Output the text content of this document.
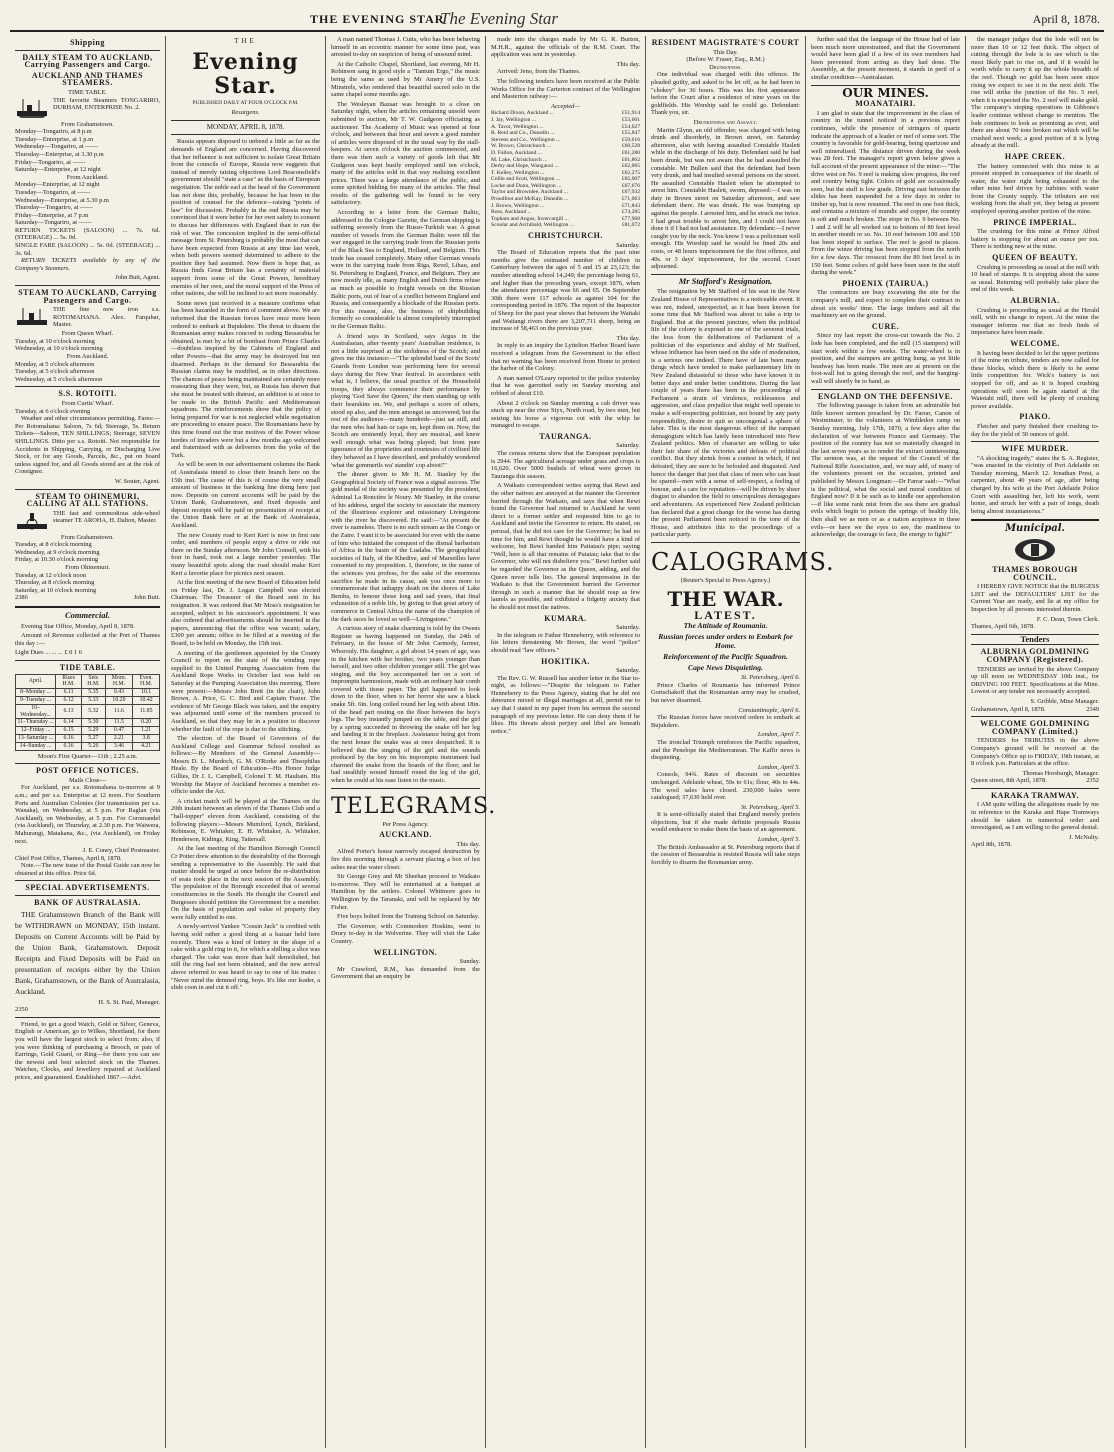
THE EVENING STAR
The Evening Star	April 8, 1878.
Shipping
DAILY STEAM TO AUCKLAND, Carrying Passengers and Cargo.
AUCKLAND AND THAMES STEAMERS.
TIME TABLE.
THE favorite Steamers TONGARIRO, DURHAM, ENTERPRISE No. 2.
From Grahamstown.
Monday—Tongariro, at 8 p.m
Tuesday—Enterprise, at 1 p.m
Wednesday—Tongariro, at ——
Thursday—Enterprise, at 3.30 p.m
Friday—Tongariro, at ——
Saturday—Enterprise, at 12 night
From Auckland.
Monday—Enterprise, at 12 night
Tuesday—Tongariro, at ——
Wednesday—Enterprise, at 5.30 p.m
Thursday—Tongariro, at ——
Friday—Enterprise, at 7 p.m
Saturday—Tongariro, at ——
RETURN TICKETS (SALOON) ... 7s. 6d. (STEERAGE) ... 5s. 0d.
SINGLE FARE (SALOON) ... 5s. 0d. (STEERAGE) ... 3s. 6d.
RETURN TICKETS available by any of the Company's Steamers.
John Butt, Agent.
STEAM TO AUCKLAND, Carrying Passengers and Cargo.
THE fine new iron s.s. ROTOMAHANA. Alex. Farquhar, Master.
From Queen Wharf.
Tuesday, at 10 o'clock morning
Wednesday, at 10 o'clock morning
From Auckland.
Monday, at 5 o'clock afternoon
Tuesday, at 5 o'clock afternoon
Wednesday, at 5 o'clock afternoon
S.S. ROTOITI.
From Curtis' Wharf.
Tuesday, at 6 o'clock evening
Weather and other circumstances permitting. Fares:—Per Rotomahana: Saloon, 7s 6d; Steerage, 5s. Return Tickets—Saloon, TEN SHILLINGS; Steerage, SEVEN SHILLINGS. Ditto per s.s. Rotoiti. Not responsible for Accidents in Shipping, Carrying, or Discharging Live Stock, or for any Goods, Parcels, &c., put on board unless signed for, and all Goods stored are at the risk of Consignee.
W. Souter, Agent.
STEAM TO OHINEMURI, CALLING AT ALL STATIONS.
THE fast and commodious side-wheel steamer TE AROHA, H. Dalton, Master.
From Grahamstown.
Tuesday, at 8 o'clock morning
Wednesday, at 9 o'clock morning
Friday, at 10.30 o'clock morning
From Ohinemuri.
Tuesday, at 12 o'clock noon
Thursday, at 8 o'clock morning
Saturday, at 10 o'clock morning
2386	John Butt.
Commercial.
Evening Star Office, Monday, April 8, 1878.
Amount of Revenue collected at the Port of Thames this day :—
Light Dues ... ... ... £ 0 1 6
TIDE TABLE.
April.	Rises H.M.	Sets H.M.	Morn. H.M.	Even. H.M.
8–Monday ...	6.11	5.35	9.43	10.1
9–Tuesday ...	6.12	5.33	10.20	10.42
10–Wednesday...	6.13	5.32	11.6	11.85
11–Thursday ...	6.14	5.30	11.5	0.20
12–Friday ...	6.15	5.29	0.47	1.21
13–Saturday ...	6.16	5.27	2.21	3.8
14–Sunday ...	6.16	5.26	3.46	4.21
Moon's First Quarter—11th ; 2.25 a.m.
POST OFFICE NOTICES.
Mails Close—
For Auckland, per s.s. Rotomahana to-morrow at 9 a.m.; and per s.s. Enterprise at 12 noon. For Southern Ports and Australian Colonies (for transmission per s.s. Wanaka), on Wednesday, at 5 p.m. For Raglan (via Auckland), on Wednesday, at 5 p.m. For Coromandel (via Auckland), on Thursday, at 2.30 p.m. For Waiwera, Mahurangi, Matakana, &c., (via Auckland), on Friday next.
J. E. Coney, Chief Postmaster.
Chief Post Office, Thames, April 8, 1878.
Note.—The new issue of the Postal Guide can now be obtained at this office. Price 6d.
SPECIAL ADVERTISEMENTS.
BANK OF AUSTRALASIA.
THE Grahamstown Branch of the Bank will be WITHDRAWN on MONDAY, 15th instant. Deposits on Current Accounts will be Paid by the Union Bank, Grahamstown. Deposit Receipts and Fixed Deposits will be Paid on presentation of receipts either by the Union Bank, Grahamstown, or the Bank of Australasia, Auckland.
H. S. St. Paul, Manager.
2350
Friend, to get a good Watch, Gold or Silver, Geneva, English or American, go to Wilkes, Shortland, for there you will have the largest stock to select from; also, if you were thinking of purchasing a Brooch, or pair of Earrings, Gold Guard, or Ring—for there you can see the newest and best selected stock on the Thames. Watches, Clocks, and Jewellery repaired at Auckland prices, and guaranteed. Established 1867.—Advt.
THE
Evening Star.
PUBLISHED DAILY AT FOUR O'CLOCK P.M.
Resurgens.
MONDAY, APRIL 8, 1878.

Russia appears disposed to unbend a little as far as the demands of England are concerned. Having discovered that her influence is not sufficient to isolate Great Britain from the councils of Europe, Russia now suggests that instead of merely raising objections Lord Beaconsfield's government should "state a case" as the basis of European negotiation. The noble earl at the head of the Government has not done this, probably, because he has been in the position of counsel for the defence—raising "points of law" for discussion. Probably in the end Russia may be convinced that it were better for her own safety to consent to discuss her differences with England than to run the risk of war. The concession implied in the semi-official message from St. Petersburg is probably the most that can have been expected from Russia at any time last week, when both powers seemed determined to adhere to the position they had assumed. Now there is hope that, as Russia finds Great Britain has a certainty of material support from some of the Great Powers, hereditary enemies of her own, and the moral support of the Press of other nations, she will be inclined to act more reasonably.

Some news just received in a measure confirms what has been hazarded in the form of comment above. We are informed that the Russian forces have once more been ordered to embark at Bujukdere. The threat to disarm the Roumanian army makes concord to ceding Bessarabia be obtained, is met by a bit of bombast from Prince Charles—doubtless inspired by the Cabinets of England and other Powers—that the army may be destroyed but not disarmed. Perhaps in the demand for Bessarabia the Russian claims may be modified, as in other directions. The chances of peace being maintained are certainly more reassuring than they were, but, as Russia has shown that she must be treated with distrust, an addition is at once to be made to the British Pacific and Mediterranean squadrons. The reinforcements show that the policy of being prepared for war is not neglected while negotiation are proceeding to ensure peace. The Roumanians have by this time found out the true motives of the Power whose hordes of invaders were but a few months ago welcomed and fraternised with as deliverers from the yoke of the Turk.

As will be seen in our advertisement columns the Bank of Australasia intend to close their branch here on the 15th inst. The cause of this is of course the very small amount of business in the banking line doing here just now. Deposits on current accounts will be paid by the Union Bank, Grahamstown, and fixed deposits and deposit receipts will be paid on presentation of receipt at the Union Bank here or at the Bank of Australasia, Auckland.

The new County road to Keri Keri is now in first rate order, and numbers of people enjoy a drive or ride out there on the Sunday afternoon. Mr John Connell, with his four in hand, took out a large number yesterday. The many beautiful spots along the road should make Keri Keri a favorite place for picnics next season.

At the first meeting of the new Board of Education held on Friday last, Dr. J. Logan Campbell was elected Chairman. The Treasurer of the Board sent in his resignation. It was ordered that Mr Moss's resignation be accepted, subject to his successor's appointment. It was also ordered that advertisements should be inserted in the papers, announcing that the office was vacant; salary, £300 per annum; office to be filled at a meeting of the Board, to be held on Monday, the 15th inst.

A meeting of the gentlemen appointed by the County Council to report on the state of the winding rope supplied to the United Pumping Association from the Auckland Rope Works in October last was held on Saturday at the Pumping Association this morning. There were present:—Messrs John Brett (in the chair), John Brown, A. Price, G. C. Bird and Captain Frazer. The evidence of Mr George Black was taken, and the enquiry was adjourned until some of the members proceed to Auckland, so that they may be in a position to discover whether the fault of the rope is due to the stitching.

The election of the Board of Governors of the Auckland College and Grammar School resulted as follows:—By Members of the General Assembly—Messrs D. L. Murdoch, G. M. O'Rorke and Theophilus Heale. By the Board of Education—His Honor Judge Gillies, Dr J. L. Campbell, Colonel T. M. Haultain. His Worship the Mayor of Auckland becomes a member ex-officio under the Act.

A cricket match will be played at the Thames on the 20th instant between an eleven of the Thames Club and a "hall-topper" eleven from Auckland, consisting of the following players:—Messrs Mumford, Lynch, Birkland, Robinson, E. Whitaker, E. H. Whitaker, A. Whitaker, Henderson, Kidings, King, Tattersall.

At the last meeting of the Hamilton Borough Council Cr Potter drew attention to the desirability of the Borough sending a representative to the Assembly. He said that matter should be urged at once before the re-distribution of seats took place in the next session of the Assembly. The population of the Borough exceeded that of several constituencies in the South. He thought the Council and Burgesses should petition the Government for a member. On the basis of population and value of property they were fully entitled to one.

A newly-arrived Yankee "Cousin Jack" is credited with having sold rather a good thing at a bazaar held here recently. There was a kind of lottery in the shape of a cake with a gold ring in it, for which a shilling a slice was charged. The cake was more than half demolished, but still the ring had not been obtained, and the new arrival above referred to was heard to say to one of his mates : "Never mind the demned ring, boys. It's like our leader, a slide coon in and cut it off."

A man named Thomas J. Cutts, who has been behaving himself in an eccentric manner for some time past, was arrested to-day on suspicion of being of unsound mind.

At the Catholic Chapel, Shortland, last evening, Mr H. Robinson sang in good style a "Tantum Ergo," the music being the same as used by Mr Amery of the U.S. Minstrels, who rendered that beautiful sacred solo in the same chapel some months ago.

The Wesleyan Bazaar was brought to a close on Saturday night, when the articles remaining unsold were submitted to auction, Mr T. W. Gudgeon officiating as auctioneer. The Academy of Music was opened at four o'clock, and between that hour and seven a good number of articles were disposed of in the usual way by the stall-keepers. At seven o'clock the auction commenced, and there was then such a variety of goods left that Mr Gudgeon was kept busily employed until ten o'clock, many of the articles sold in that way realising excellent prices. There was a large attendance of the public, and some spirited bidding for many of the articles. The final results of the gathering will be found to be very satisfactory.

According to a letter from the German Baltic, addressed to the Cologne Gazette, the German shipping is suffering severely from the Russo-Turkish war. A great number of vessels from the German Baltic were till the war engaged in the carrying trade from the Russian ports of the Black Sea to England, Holland, and Belgium. This trade has ceased completely. Many other German vessels were in the carrying trade from Riga, Revel, Libau, and St. Petersburg to England, France, and Belgium. They are now mostly idle, as many English and Dutch firms refuse as much as possible to freight vessels on the Russian Baltic ports, out of fear of a conflict between England and Russia, and consequently a blockade of the Russian ports. For this reason, also, the business of shipbuilding formerly so considerable is almost completely interrupted in the German Baltic.

A friend says in Scotland, says Argus in the Australasian, after twenty years' Australian residence, is not a little surprised at the stolidness of the Scotch; and gives me this instance:—"The splendid band of the Scots' Guards from London was performing here for several days during the New Year festival. In accordance with what is, I believe, the usual practice of the Household troops, they always commence their performance by playing 'God Save the Queen,' the men standing up with their bearskins on. We, and perhaps a score of others, stood up also, and the men amongst us uncovered; but the rest of the audience—many hundreds—just sat still, and the men who had hats or caps on, kept them on. Now, the Scotch are eminently loyal, they are musical, and knew well enough what was being played; but from pure ignorance of the proprieties and courtesies of civilised life they behaved as I have described, and probably wondered 'what the gommerils wa' standin' cop aboot!'"

The dinner given to Mr H. M. Stanley by the Geographical Society of France was a signal success. The gold medal of the society was presented by the president, Admiral La Roncière le Noury. Mr Stanley, in the course of his address, urged the society to associate the memory of the illustrious explorer and missionary Livingstone with the river he discovered. He said:—"At present the river is nameless. There is no such stream as the Congo or the Zaire. I want it to be associated for ever with the name of him who initiated the conquest of the dismal barbarism of Africa in the basin of the Lualaba. The geographical societies of Italy, of the Khedive, and of Marseilles have consented to my proposition. I, therefore, in the name of the sciences you profess, for the sake of the enormous sacrifice he made in its cause, ask you once more to commemorate that unhappy death on the shores of Lake Bemba, to honour those long and sad years, that final exhaustion of a noble life, by giving to that great artery of commerce in Central Africa the name of the champion of the dark races he loved so well—Livingstone."

A curious story of snake charming is told by the Owens Register as having happened on Sunday, the 24th of February, in the house of Mr John Carmody, farmer, Whorouly. His daughter, a girl about 14 years of age, was in the kitchen with her brother, two years younger than herself, and two other children younger still. The girl was singing, and the boy accompanied her on a sort of impromptu harmonicon, made with an ordinary hair comb covered with tissue paper. The girl happened to look down to the floor, when to her horror she saw a black snake 5ft. 6in. long coiled round her leg with about 18in. of the head part resting on the floor between the boy's legs. The boy instantly jumped on the table, and the girl by a spring succeeded in throwing the snake off her leg and landing it in the fireplace. Assistance being got from the next house the snake was at once despatched. It is believed that the singing of the girl and the sounds produced by the boy on his impromptu instrument had charmed the snake from the boards of the floor, and he had stealthily wound himself round the leg of the girl, when he could at his ease listen to the music.

TELEGRAMS.
Per Press Agency.
AUCKLAND.
This day.

Alfred Porter's house narrowly escaped destruction by fire this morning through a servant placing a box of hot ashes near the water closet.

Sir George Grey and Mr Sheehan proceed to Waikato to-morrow. They will be entertained at a banquet at Hamilton by the settlers. Colonel Whitmore goes to Wellington by the Taranaki, and will be replaced by Mr Fisher.

Five boys bolted from the Training School on Saturday.

The Governor, with Commodore Hoskins, went to Drury to-day in the Wolverine. They will visit the Lake Country.

WELLINGTON.
Sunday.

Mr Crawford, R.M., has demanded from the Government that an enquiry be

made into the charges made by Mr G. R. Burton, M.H.R., against the officials of the R.M. Court. The application was sent in yesterday.

This day.

Arrived: Jeno, from the Thames.

The following tenders have been received at the Public Works Office for the Carterton contract of the Wellington and Masterton railway:—

Accepted—
Richard Dixon, Auckland ...	£51,914
J. Jay, Wellington ...	£53,601
A. Tavor, Wellington ...	£54,627
R. Reid and Co., Dunedin ...	£55,847
Stevens and Co., Wellington ...	£59,616
W. Brown, Christchurch ...	£60,528
D. Fallon, Auckland ...	£61,280
M. Lake, Christchurch ...	£61,862
Derby and Hope, Wanganui ...	£62,065
T. Kelley, Wellington ...	£62,275
Collie and Scott, Wellington ...	£65,007
Locke and Dunn, Wellington ...	£67,676
Taylor and Brownlee, Auckland ...	£67,932
Proudfoot and McKay, Dunedin ...	£71,063
J. Brown, Wellington ...	£71,843
Ross, Auckland ...	£74,285
Topham and Angus, Invercargill ...	£77,968
Scoular and Archibald, Wellington ...	£81,072
CHRISTCHURCH.
Saturday.

The Board of Education reports that the past nine months give the estimated number of children in Canterbury between the ages of 5 and 15 at 23,123; the number attending school 14,249; the percentage being 61, and higher than the preceding years, except 1876, when the attendance percentage was 66 and 65. On September 30th there were 117 schools as against 104 for the corresponding period in 1876. The report of the Inspector of Sheep for the past year shows that between the Waitaki and Waitangi rivers there are 3,207,711 sheep, being an increase of 58,463 on the previous year.

This day.

In reply to an inquiry the Lyttelton Harbor Board have received a telegram from the Government to the effect that no warning has been received from Home to protect the harbor of the Colony.

A man named O'Leary reported to the police yesterday that he was garrotted early on Sunday morning and robbed of about £10.

About 2 o'clock on Sunday morning a cab driver was stuck up near the river Styx, North road, by two men, but seizing his horse a vigorous cut with the whip he managed to escape.

TAURANGA.
Saturday.

The census returns show that the European population is 2944. The agricultural acreage under grass and crops is 16,620. Over 5000 bushels of wheat were grown in Tauranga this season.

A Waikato correspondent writes saying that Rewi and the other natives are annoyed at the manner the Governor hurried through the Waikato, and says that when Rewi found the Governor had returned to Auckland he went direct to a former settler and requested him to go to Auckland and invite the Governor to return. He stated, on perusal, that he did not care for the Governor; he had no time for him, and Rewi thought he would have a kind of welcome, but Rewi handed him Paitatau's pipe; saying "Well, here is all that remains of Putatau; take that to the Governor, who will not disbelieve you." Rewi further said he regarded the Governor as the Queen, adding, and the Queen never tells lies. The general impression in the Waikato is that the Government hurried the Governor through in such a manner that he should reap as few laurels as possible, and exhibited a fidgetty anxiety that he should not meet the natives.

KUMARA.
Saturday.

In the telegram re Father Henneberry, with reference to his letters threatening Mr Brown, the word "police" should read "law officers."

HOKITIKA.
Saturday.

The Rev. G. W. Russell has another letter in the Star to-night, as follows:—"Despite the telegram to Father Henneberry to the Press Agency, stating that he did not denounce mixed or illegal marriages at all, permit me to say that I stated in my paper from his sermon the second paragraph of my previous letter. He can deny them if he likes. His threats about perjury and libel are beneath notice."

RESIDENT MAGISTRATE'S COURT
This Day.
(Before W. Fraser, Esq., R.M.)
Drunkenness.

One individual was charged with this offence. He pleaded guilty, and asked to be let off, as he had been in "chokey" for 36 hours. This was his first appearance before the Court after a residence of nine years on the goldfields. His Worship said he could go. Defendant: Thank you, sir.

Drunkenness and Assault.

Martin Glynn, an old offender, was charged with being drunk and disorderly, in Brown street, on Saturday afternoon, also with having assaulted Constable Haslett while in the discharge of his duty. Defendant said he had been drunk, but was not aware that he had assaulted the constable. Mr Bullen said that the defendant had been very drunk, and had insulted several persons on the street. He assaulted Constable Haslett when he attempted to arrest him. Constable Haslett, sworn, deposed:—I was on duty in Brown street on Saturday afternoon, and saw defendant there. He was drunk. He was bumping up against the people. I arrested him, and he struck me twice. I had great trouble to arrest him, and I could not have done it if I had not had assistance. By defendant:—I never caught you by the neck. You know I was a policeman well enough. His Worship said he would be fined 20s and costs, or 48 hours imprisonment for the first offence, and 40s. or 3 days' imprisonment, for the second. Court adjourned.

Mr Stafford's Resignation.

The resignation by Mr Stafford of his seat in the New Zealand House of Representatives is a noticeable event. It was not, indeed, unexpected, as it has been known for some time that Mr Stafford was about to take a trip to England. But at the present juncture, when the political life of the colony is exposed to one of the severest trials, the loss from the deliberations of Parliament of a politician of the experience and ability of Mr Stafford, whose influence has been used on the side of moderation, is a serious one indeed. There have of late been many things which have tended to make parliamentary life in New Zealand distasteful to those who have known it in better days and under better conditions. During the last couple of years there has been in the proceedings of Parliament a strain of virulence, recklessness and aggression, and class prejudice that might well operate to make a self-respecting politician, not bound by any party responsibility, desire to quit so uncongenial a sphere of labor. This is the most dangerous effect of the rampant demagogism which has lately been introduced into New Zealand politics. Men of character are willing to take their fair share of the victories and defeats of political conflict. But they shrink from a contest in which, if not defeated, they are sure to be befouled and disgusted. And hence the danger that just that class of men who can least be spared—men with a sense of self-respect, a feeling of honour, and a care for reputation—will be driven by sheer disgust to abandon the field to unscrupulous demagogues and adventurers. An experienced New Zealand politician has declared that a great change for the worse has during the present Parliament been noticed in the tone of the House, and attributes this to the proceedings of a particular party.

CALOGRAMS.
(Reuter's Special to Press Agency.)
THE WAR.
LATEST.
The Attitude of Roumania.
Russian forces under orders to Embark for Home.
Reinforcement of the Pacific Squadron.
Cape News Disquieting.
St. Petersburg, April 6.

Prince Charles of Roumania has informed Prince Gortschakoff that the Roumanian army may be crushed, but never disarmed.

Constantinople, April 6.

The Russian forces have received orders to embark at Bujukdere.

London, April 7.

The ironclad Triumph reinforces the Pacific squadron, and the Penelope the Mediterranean. The Kaffir news is disquieting.

London, April 5.

Consols, 94¾. Rates of discount on securities unchanged. Adelaide wheat, 59s to 61s; flour, 40s to 44s. The wool sales have closed. 230,000 bales were catalogued; 37,630 held over.

St. Petersburg, April 5.

It is semi-officially stated that England merely prefers objections, but if she made definite proposals Russia would endeavor to make them the basis of an agreement.

London, April 5.

The British Ambassador at St. Petersburg reports that if the cession of Bessarabia is resisted Russia will take steps forcibly to disarm the Roumanian army.

further said that the language of the House had of late been much more unrestrained, and that the Government would have been glad if a few of its own members had been prevented from acting as they had done. The Assembly, at the present moment, it stands in peril of a similar condition—Australasian.

OUR MINES.
MOANATAIRI.

I am glad to state that the improvement in the class of country in the tunnel noticed in a previous report continues, while the presence of stringers of quartz indicate the approach of a leader or reef of some sort. The country is favorable for gold-bearing, being quartzose and well mineralised. The distance driven during the week was 28 feet. The manager's report given below gives a full account of the present appearance of the mine:—"The drive west on No. 9 reef is making slow progress, the reef and country being tight. Colors of gold are occasionally seen, but the stuff is low grade. Driving east between the slides has been suspended for a few days in order to timber up, but is now resumed. The reef in one foot thick, and contains a mixture of mundic and copper, the country is soft and much broken. The stope in No. 9 between No. 1 and 2 will be all worked out to bottom of 80 feet level in another month or so. No. 10 reef between 100 and 150 has been stoped to surface. The reef is good in places. From the winze driving has been stopped from the north for a few days. The crosscut from the 80 feet level is in 150 feet. Some colors of gold have been seen in the stuff during the week."

PHOENIX (TAIRUA.)

The contractors are busy excavating the site for the company's mill, and expect to complete their contract in about six weeks' time. The large timbers and all the machinery are on the ground.

CURE.

Since my last report the cross-cut towards the No. 2 lode has been completed, and the mill (15 stampers) will start work within a few weeks. The water-wheel is in position, and the stampers are getting hung, as yet little headway has been made. The men are at present on the foot-wall but is going through the reef, and the hanging-wall will shortly be to hand, as

ENGLAND ON THE DEFENSIVE.

The following passage is taken from an admirable but little known sermon preached by Dr. Farrar, Canon of Westminster, to the volunteers at Wimbledon camp on Sunday morning, July 17th, 1870, a few days after the declaration of war between France and Germany. The position of the country has not so materially changed in the last seven years as to render the extract uninteresting. The sermon was, at the request of the Council of the National Rifle Association, and, we may add, of many of the volunteers present on the occasion, printed and published by Messrs Longman:—Dr Farrar said:—"What is the political, what the social and moral condition of England now? If it be such as to kindle our apprehension—if like some rank mist from the sea there are gradual evils which begin to poison the springs of healthy life, then shall we as men or as a nation acquiesce in these evils—or have we the eyes to see, the manliness to acknowledge, the courage to face, the energy to fight?"

the manager judges that the lode will not be more than 10 or 12 feet thick. The object of cutting through the lode is to see which is the most likely part to rise on, and if it would be worth while to carry it up the whole breadth of the reef. Though no gold has been seen since rising we expect to see it in the next shift. The rise will strike the junction of the No. 5 reef, when it is expected the No. 2 reef will make gold. The company's stoping operations in Gibbons's leader continue without change to mention. The lode continues to look as promising as ever, and there are about 70 tons broken out which will be crushed next week; a good portion of it is lying already at the mill.

HAPE CREEK.

The battery connected with this mine is at present stopped in consequence of the dearth of water, the water right being exhausted to the other mine bed driven by turbines with water from the County supply. The tributers are not working from the shaft yet, they being at present employed opening another portion of the mine.

PRINCE IMPERIAL.

The crushing for this mine at Prince Alfred battery is stopping for about an ounce per ton. There is nothing new at the mine.

QUEEN OF BEAUTY.

Crushing is proceeding as usual at the mill with 10 head of stamps. It is stopping about the same as usual. Returning will probably take place the end of this week.

ALBURNIA.

Crushing is proceeding as usual at the Herald mill, with no change to report. At the mine the manager informs me that no fresh finds of importance have been made.

WELCOME.

It having been decided to let the upper portions of the mine on tribute, tenders are now called for these blocks, which there is likely to be some little competition for. Wick's battery is not stopped for off, and as it is hoped crushing operations will soon be again started at the Waiotahi mill, there will be plenty of crushing power available.

PIAKO.

Fletcher and party finished their crushing to-day for the yield of 30 ounces of gold.

WIFE MURDER.

"A shocking tragedy," states the S. A. Register, "was enacted in the vicinity of Port Adelaide on Tuesday morning, March 12. Jonathan Prest, a carpenter, about 40 years of age, after being charged by his wife at the Port Adelaide Police Court with assaulting her, left his work, went home, and struck her with a pair of tongs, death being almost instantaneous."

Municipal.
THAMES BOROUGH COUNCIL.

I HEREBY GIVE NOTICE that the BURGESS LIST and the DEFAULTERS' LIST for the Current Year are ready, and lie at my office for Inspection by all persons interested therein.

F. C. Dean, Town Clerk.
Thames, April 6th, 1878.
Tenders
ALBURNIA GOLDMINING COMPANY (Registered).

TENDERS are invited by the above Company up till noon on WEDNESDAY 10th inst., for DRIVING 100 FEET. Specifications at the Mine. Lowest or any tender not necessarily accepted.

S. Gribble, Mine Manager.
Grahamstown, April 8, 1878.	2349
WELCOME GOLDMINING COMPANY (Limited.)

TENDERS for TRIBUTES in the above Company's ground will be received at the Company's Office up to FRIDAY, 19th instant, at 8 o'clock p.m. Particulars at the office.

Thomas Horsburgh, Manager.
Queen street, 8th April, 1878.	2352
KARAKA TRAMWAY.

I AM quite willing the allegations made by me in reference to the Karaka and Hape Tramways should be taken in numerical order and investigated, as I am willing to the general denial.

J. McNulty.
April 8th, 1878.
